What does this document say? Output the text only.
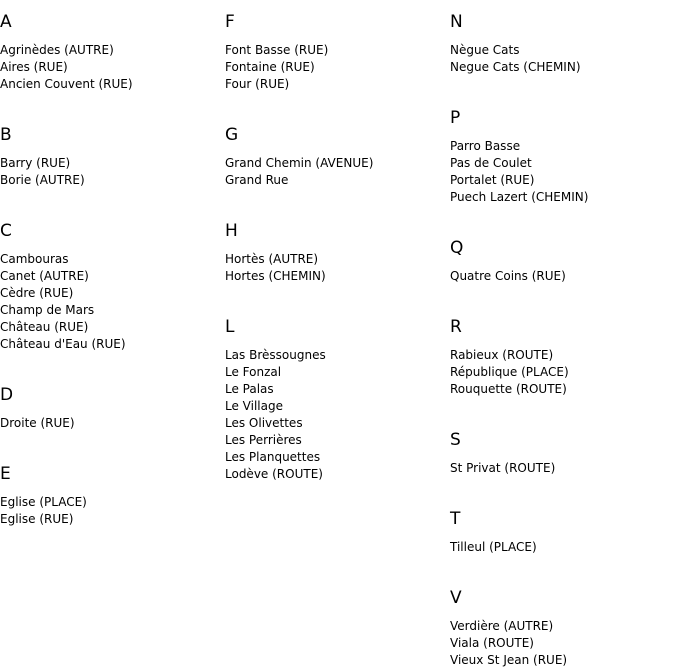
A
Agrinèdes (AUTRE)
Aires (RUE)
Ancien Couvent (RUE)
B
Barry (RUE)
Borie (AUTRE)
C
Cambouras
Canet (AUTRE)
Cèdre (RUE)
Champ de Mars
Château (RUE)
Château d'Eau (RUE)
D
Droite (RUE)
E
Eglise (PLACE)
Eglise (RUE)
F
Font Basse (RUE)
Fontaine (RUE)
Four (RUE)
G
Grand Chemin (AVENUE)
Grand Rue
H
Hortès (AUTRE)
Hortes (CHEMIN)
L
Las Brèssougnes
Le Fonzal
Le Palas
Le Village
Les Olivettes
Les Perrières
Les Planquettes
Lodève (ROUTE)
N
Nègue Cats
Negue Cats (CHEMIN)
P
Parro Basse
Pas de Coulet
Portalet (RUE)
Puech Lazert (CHEMIN)
Q
Quatre Coins (RUE)
R
Rabieux (ROUTE)
République (PLACE)
Rouquette (ROUTE)
S
St Privat (ROUTE)
T
Tilleul (PLACE)
V
Verdière (AUTRE)
Viala (ROUTE)
Vieux St Jean (RUE)
